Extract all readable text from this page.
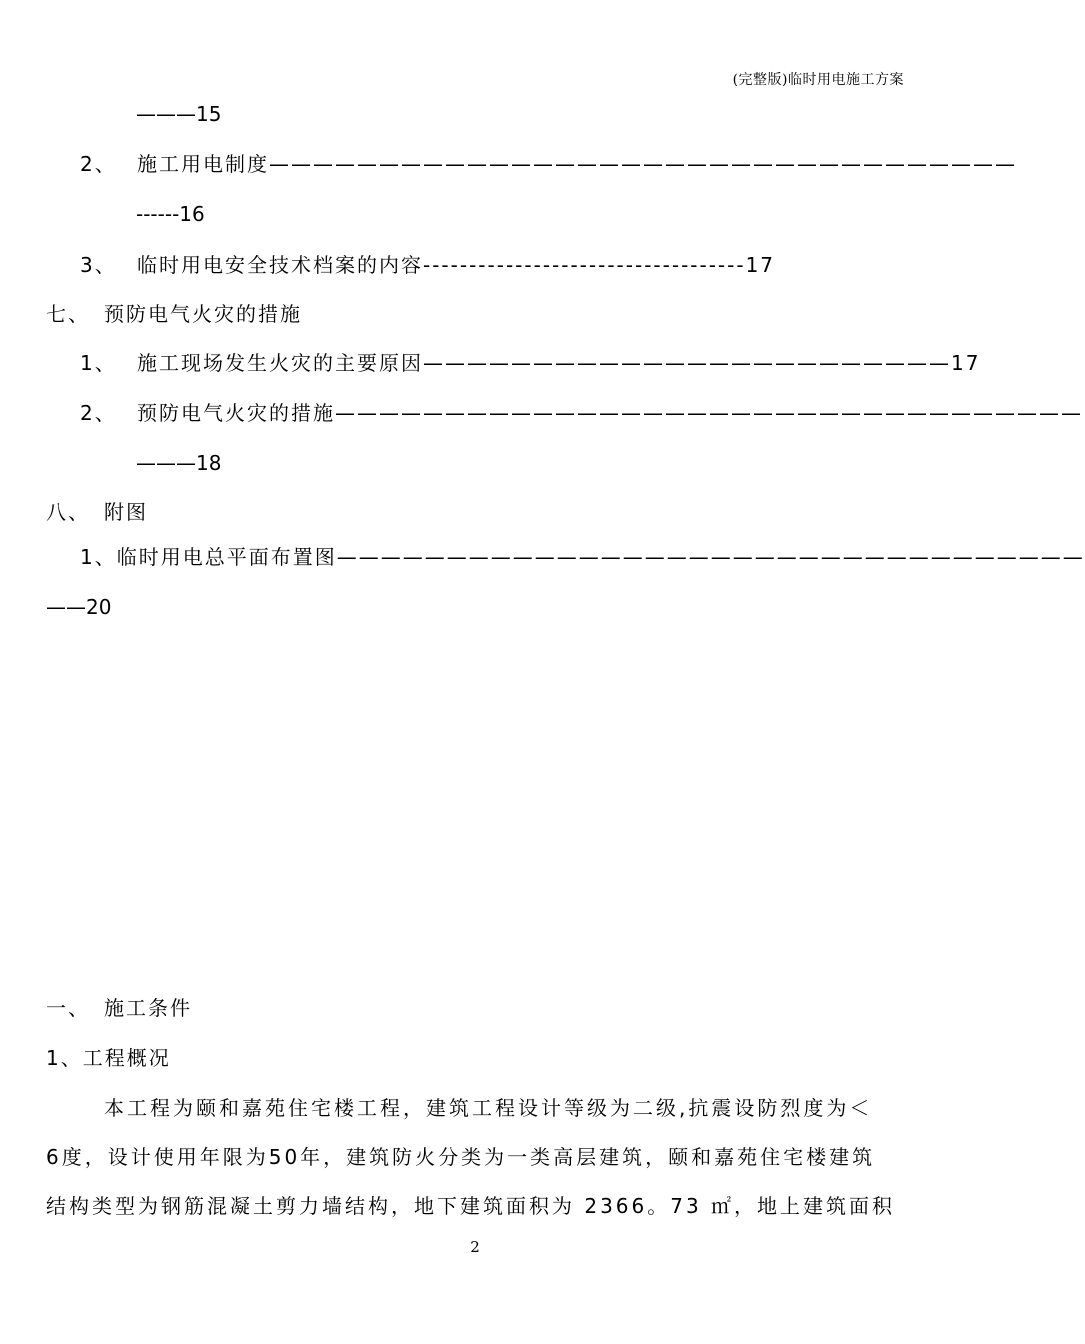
(完整版)临时用电施工方案
———15
2、 施工用电制度——————————————————————————————————
------16
3、 临时用电安全技术档案的内容-----------------------------------17
七、 预防电气火灾的措施
1、 施工现场发生火灾的主要原因————————————————————————17
2、 预防电气火灾的措施——————————————————————————————————
———18
八、 附图
1、临时用电总平面布置图——————————————————————————————————
——20
一、 施工条件
1、工程概况
本工程为颐和嘉苑住宅楼工程，建筑工程设计等级为二级,抗震设防烈度为＜
6度，设计使用年限为50年，建筑防火分类为一类高层建筑，颐和嘉苑住宅楼建筑
结构类型为钢筋混凝土剪力墙结构，地下建筑面积为 2366。73 ㎡，地上建筑面积
2
